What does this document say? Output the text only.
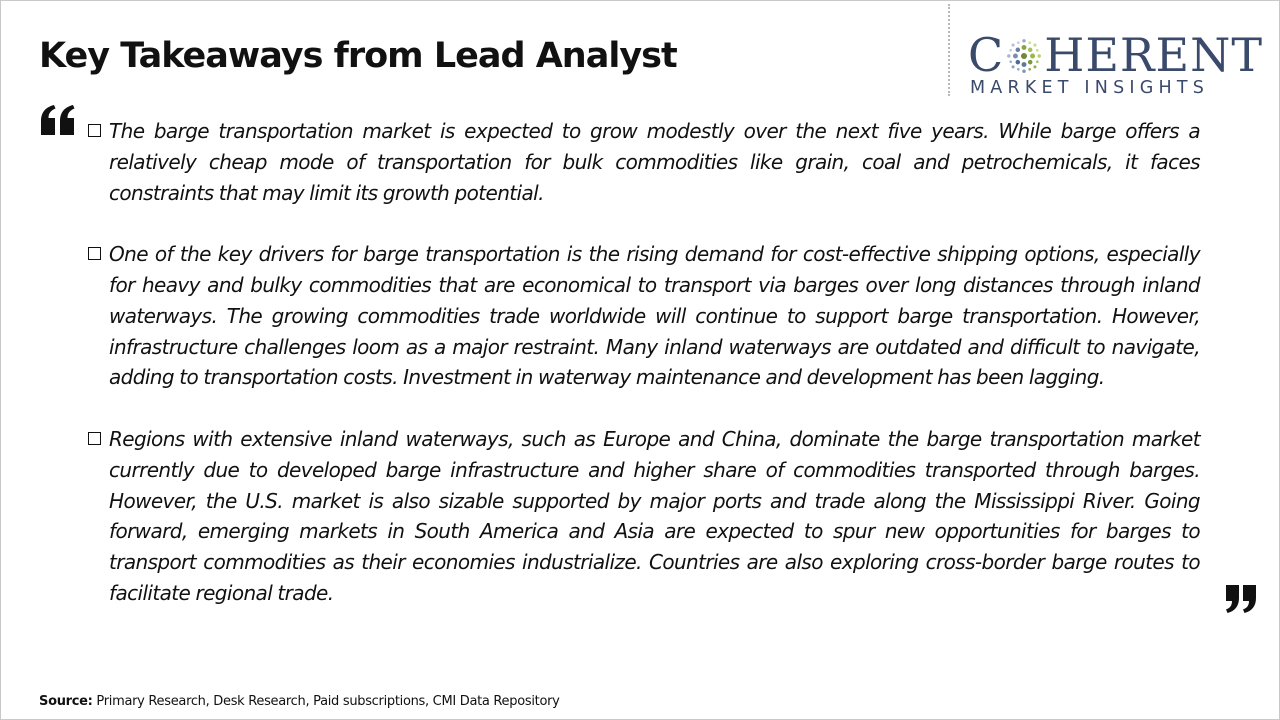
Key Takeaways from Lead Analyst	C HERENT
MARKET INSIGHTS
The barge transportation market is expected to grow modestly over the next five years. While barge offers a relatively cheap mode of transportation for bulk commodities like grain, coal and petrochemicals, it faces constraints that may limit its growth potential.
One of the key drivers for barge transportation is the rising demand for cost-effective shipping options, especially for heavy and bulky commodities that are economical to transport via barges over long distances through inland waterways. The growing commodities trade worldwide will continue to support barge transportation. However, infrastructure challenges loom as a major restraint. Many inland waterways are outdated and difficult to navigate, adding to transportation costs. Investment in waterway maintenance and development has been lagging.
Regions with extensive inland waterways, such as Europe and China, dominate the barge transportation market currently due to developed barge infrastructure and higher share of commodities transported through barges. However, the U.S. market is also sizable supported by major ports and trade along the Mississippi River. Going forward, emerging markets in South America and Asia are expected to spur new opportunities for barges to transport commodities as their economies industrialize. Countries are also exploring cross-border barge routes to facilitate regional trade.
Source: Primary Research, Desk Research, Paid subscriptions, CMI Data Repository
